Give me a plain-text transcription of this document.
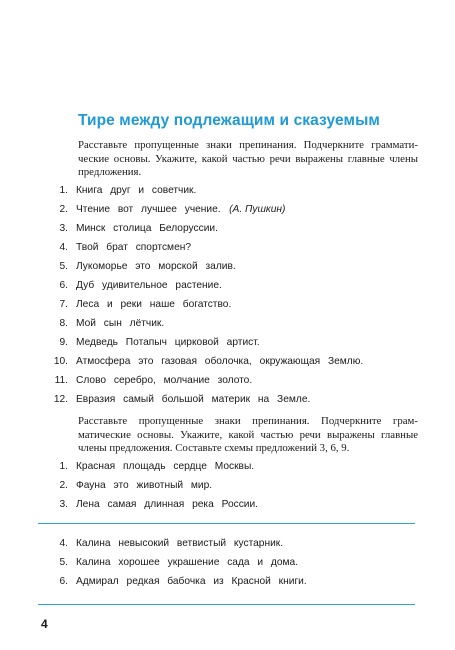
Тире между подлежащим и сказуемым
Расставьте пропущенные знаки препинания. Подчеркните грамматические основы. Укажите, какой частью речи выражены главные члены предложения.
1. Книга друг и советчик.
2. Чтение вот лучшее учение. (А. Пушкин)
3. Минск столица Белоруссии.
4. Твой брат спортсмен?
5. Лукоморье это морской залив.
6. Дуб удивительное растение.
7. Леса и реки наше богатство.
8. Мой сын лётчик.
9. Медведь Потапыч цирковой артист.
10. Атмосфера это газовая оболочка, окружающая Землю.
11. Слово серебро, молчание золото.
12. Евразия самый большой материк на Земле.
Расставьте пропущенные знаки препинания. Подчеркните грамматические основы. Укажите, какой частью речи выражены главные члены предложения. Составьте схемы предложений 3, 6, 9.
1. Красная площадь сердце Москвы.
2. Фауна это животный мир.
3. Лена самая длинная река России.
4. Калина невысокий ветвистый кустарник.
5. Калина хорошее украшение сада и дома.
6. Адмирал редкая бабочка из Красной книги.
4
